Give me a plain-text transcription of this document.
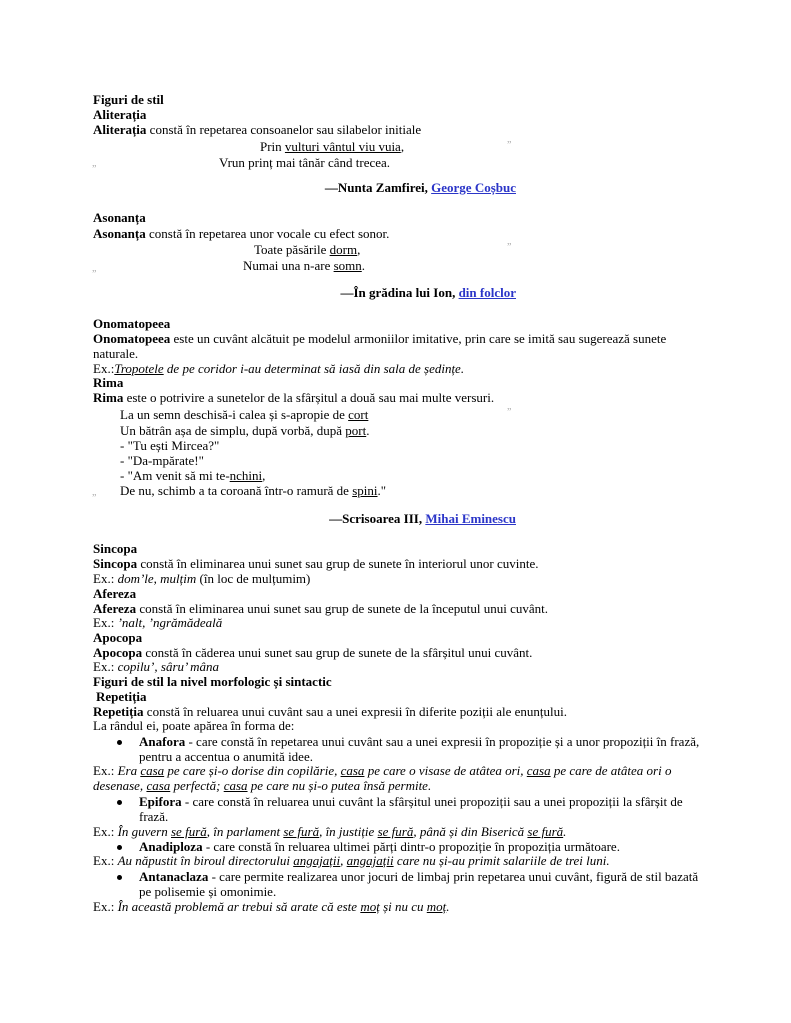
Figuri de stil
Aliterația
Aliterația constă în repetarea consoanelor sau silabelor initiale
Prin vulturi vântul viu vuia,	”
Vrun prinț mai tânăr când trecea.
„
—Nunta Zamfirei, George Coșbuc
Asonanța
Asonanța constă în repetarea unor vocale cu efect sonor.
Toate păsările dorm,	”
Numai una n-are somn.
„
—În grădina lui Ion, din folclor
Onomatopeea
Onomatopeea este un cuvânt alcătuit pe modelul armoniilor imitative, prin care se imită sau sugerează sunete
naturale.
Ex.:Tropotele de pe coridor i-au determinat să iasă din sala de ședințe.
Rima
Rima este o potrivire a sunetelor de la sfârșitul a două sau mai multe versuri.
La un semn deschisă-i calea și s-apropie de cort	”
Un bătrân așa de simplu, după vorbă, după port.
- "Tu ești Mircea?"
- "Da-mpărate!"
- "Am venit să mi te-nchini,
De nu, schimb a ta coroană într-o ramură de spini."
„
—Scrisoarea III, Mihai Eminescu
Sincopa
Sincopa constă în eliminarea unui sunet sau grup de sunete în interiorul unor cuvinte.
Ex.: dom’le, mulțim (în loc de mulțumim)
Afereza
Afereza constă în eliminarea unui sunet sau grup de sunete de la începutul unui cuvânt.
Ex.: ’nalt, ’ngrămădeală
Apocopa
Apocopa constă în căderea unui sunet sau grup de sunete de la sfârșitul unui cuvânt.
Ex.: copilu’, sâru’ mâna
Figuri de stil la nivel morfologic și sintactic
Repetiția
Repetiția constă în reluarea unui cuvânt sau a unei expresii în diferite poziții ale enunțului.
La rândul ei, poate apărea în forma de:
Anafora - care constă în repetarea unui cuvânt sau a unei expresii în propoziție și a unor propoziții în frază,
pentru a accentua o anumită idee.
Ex.: Era casa pe care și-o dorise din copilărie, casa pe care o visase de atâtea ori, casa pe care de atâtea ori o
desenase, casa perfectă; casa pe care nu și-o putea însă permite.
Epifora - care constă în reluarea unui cuvânt la sfârșitul unei propoziții sau a unei propoziții la sfârșit de
frază.
Ex.: În guvern se fură, în parlament se fură, în justiție se fură, până și din Biserică se fură.
Anadiploza - care constă în reluarea ultimei părți dintr-o propoziție în propoziția următoare.
Ex.: Au năpustit în biroul directorului angajații, angajații care nu și-au primit salariile de trei luni.
Antanaclaza - care permite realizarea unor jocuri de limbaj prin repetarea unui cuvânt, figură de stil bazată
pe polisemie și omonimie.
Ex.: În această problemă ar trebui să arate că este moț și nu cu moț.
